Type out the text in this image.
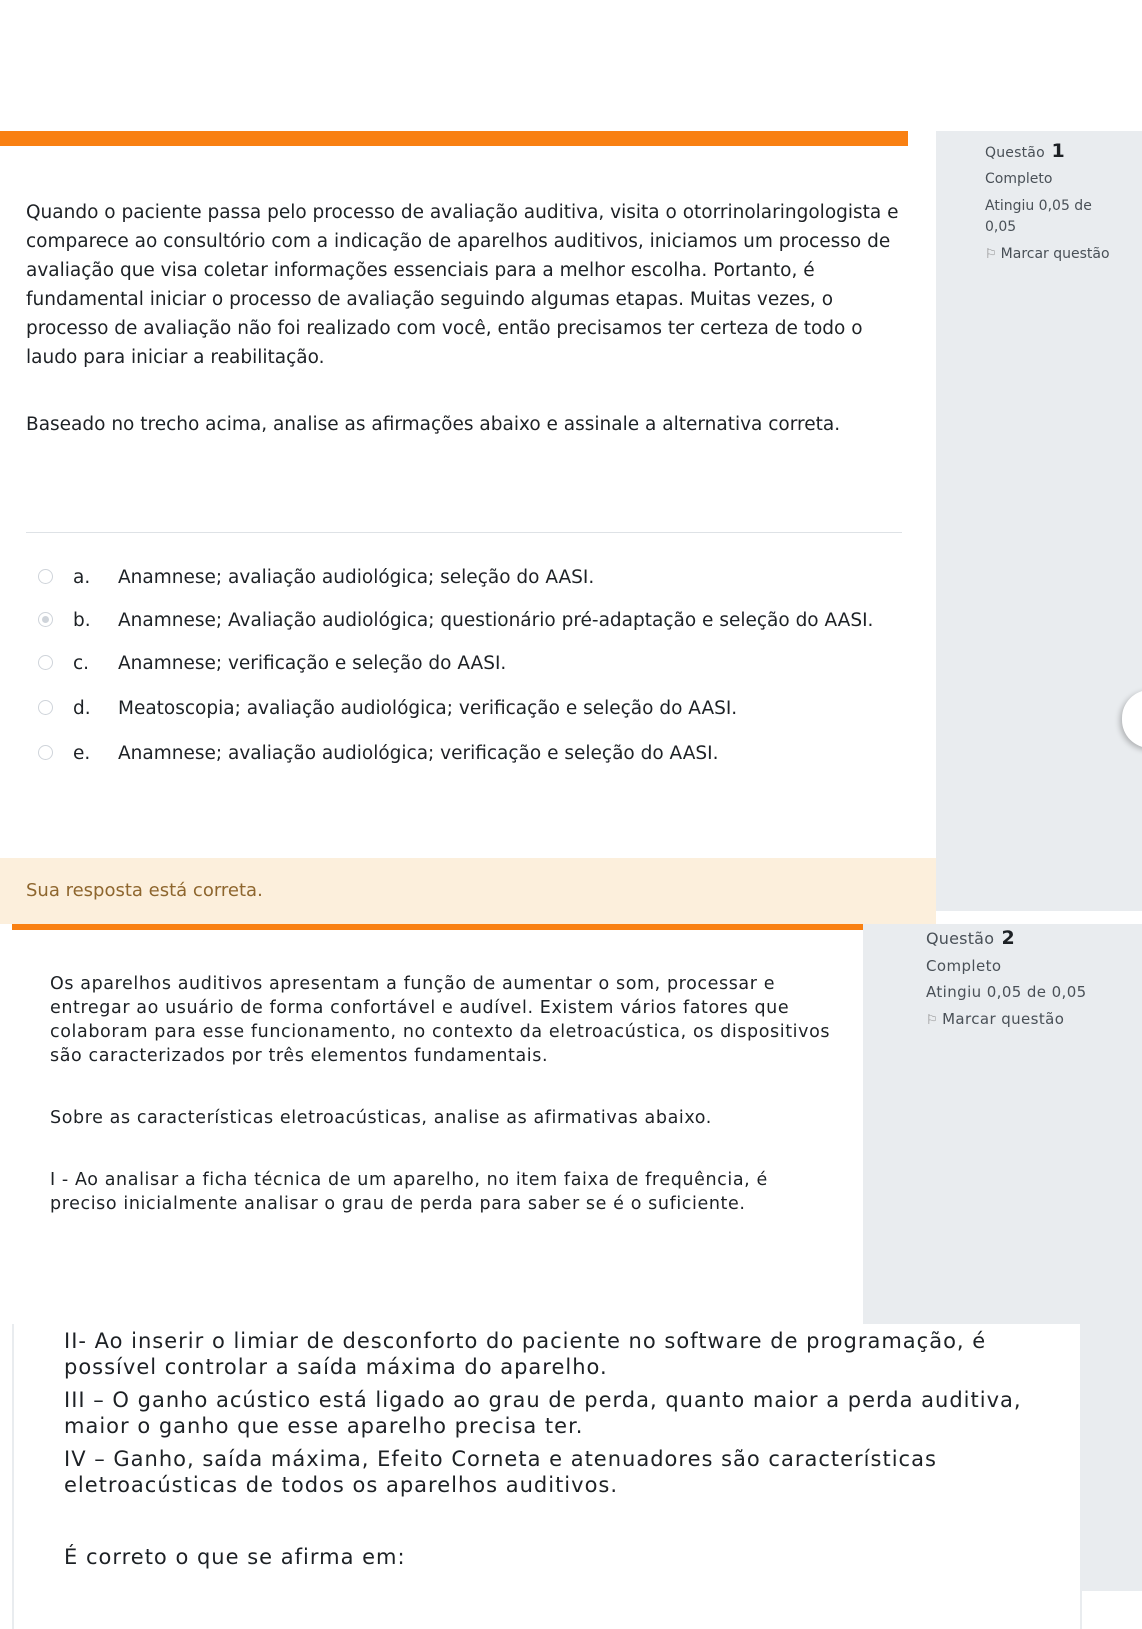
Questão 1
Completo
Atingiu 0,05 de 0,05
⚐ Marcar questão

Quando o paciente passa pelo processo de avaliação auditiva, visita o otorrinolaringologista e comparece ao consultório com a indicação de aparelhos auditivos, iniciamos um processo de avaliação que visa coletar informações essenciais para a melhor escolha. Portanto, é fundamental iniciar o processo de avaliação seguindo algumas etapas. Muitas vezes, o processo de avaliação não foi realizado com você, então precisamos ter certeza de todo o laudo para iniciar a reabilitação.

Baseado no trecho acima, analise as afirmações abaixo e assinale a alternativa correta.

a. Anamnese; avaliação audiológica; seleção do AASI.
b. Anamnese; Avaliação audiológica; questionário pré-adaptação e seleção do AASI.
c. Anamnese; verificação e seleção do AASI.
d. Meatoscopia; avaliação audiológica; verificação e seleção do AASI.
e. Anamnese; avaliação audiológica; verificação e seleção do AASI.
Sua resposta está correta.
Questão 2
Completo
Atingiu 0,05 de 0,05
⚐ Marcar questão

Os aparelhos auditivos apresentam a função de aumentar o som, processar e entregar ao usuário de forma confortável e audível. Existem vários fatores que colaboram para esse funcionamento, no contexto da eletroacústica, os dispositivos são caracterizados por três elementos fundamentais.

Sobre as características eletroacústicas, analise as afirmativas abaixo.

I - Ao analisar a ficha técnica de um aparelho, no item faixa de frequência, é preciso inicialmente analisar o grau de perda para saber se é o suficiente.

II- Ao inserir o limiar de desconforto do paciente no software de programação, é possível controlar a saída máxima do aparelho.

III – O ganho acústico está ligado ao grau de perda, quanto maior a perda auditiva, maior o ganho que esse aparelho precisa ter.

IV – Ganho, saída máxima, Efeito Corneta e atenuadores são características eletroacústicas de todos os aparelhos auditivos.

É correto o que se afirma em:
